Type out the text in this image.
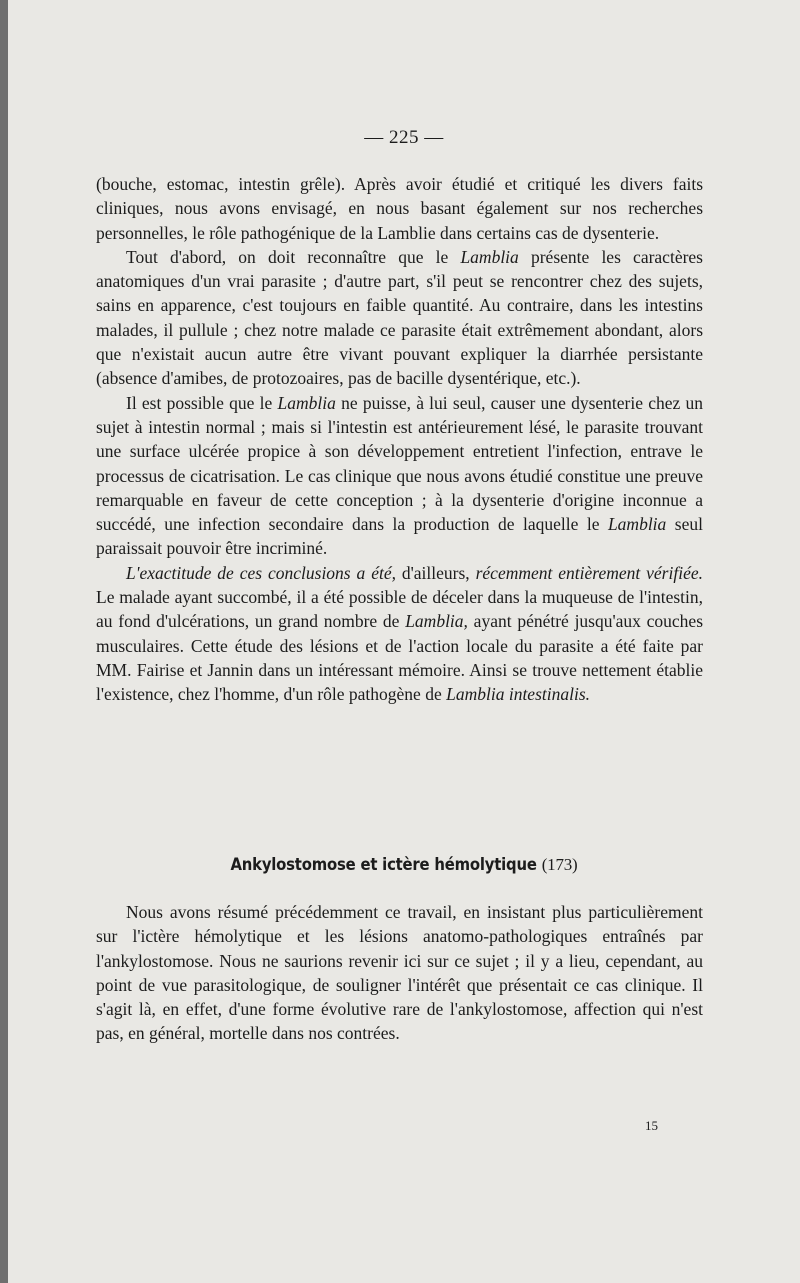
— 225 —

(bouche, estomac, intestin grêle). Après avoir étudié et critiqué les divers faits cliniques, nous avons envisagé, en nous basant également sur nos recherches personnelles, le rôle pathogénique de la Lamblie dans certains cas de dysenterie.

Tout d'abord, on doit reconnaître que le Lamblia présente les caractères anatomiques d'un vrai parasite ; d'autre part, s'il peut se rencontrer chez des sujets, sains en apparence, c'est toujours en faible quantité. Au contraire, dans les intestins malades, il pullule ; chez notre malade ce parasite était extrêmement abondant, alors que n'existait aucun autre être vivant pouvant expliquer la diarrhée persistante (absence d'amibes, de protozoaires, pas de bacille dysentérique, etc.).

Il est possible que le Lamblia ne puisse, à lui seul, causer une dysenterie chez un sujet à intestin normal ; mais si l'intestin est antérieurement lésé, le parasite trouvant une surface ulcérée propice à son développement entretient l'infection, entrave le processus de cicatrisation. Le cas clinique que nous avons étudié constitue une preuve remarquable en faveur de cette conception ; à la dysenterie d'origine inconnue a succédé, une infection secondaire dans la production de laquelle le Lamblia seul paraissait pouvoir être incriminé.

L'exactitude de ces conclusions a été, d'ailleurs, récemment entièrement vérifiée. Le malade ayant succombé, il a été possible de déceler dans la muqueuse de l'intestin, au fond d'ulcérations, un grand nombre de Lamblia, ayant pénétré jusqu'aux couches musculaires. Cette étude des lésions et de l'action locale du parasite a été faite par MM. Fairise et Jannin dans un intéressant mémoire. Ainsi se trouve nettement établie l'existence, chez l'homme, d'un rôle pathogène de Lamblia intestinalis.

Ankylostomose et ictère hémolytique (173)

Nous avons résumé précédemment ce travail, en insistant plus particulièrement sur l'ictère hémolytique et les lésions anatomo-pathologiques entraînés par l'ankylostomose. Nous ne saurions revenir ici sur ce sujet ; il y a lieu, cependant, au point de vue parasitologique, de souligner l'intérêt que présentait ce cas clinique. Il s'agit là, en effet, d'une forme évolutive rare de l'ankylostomose, affection qui n'est pas, en général, mortelle dans nos contrées.

15
